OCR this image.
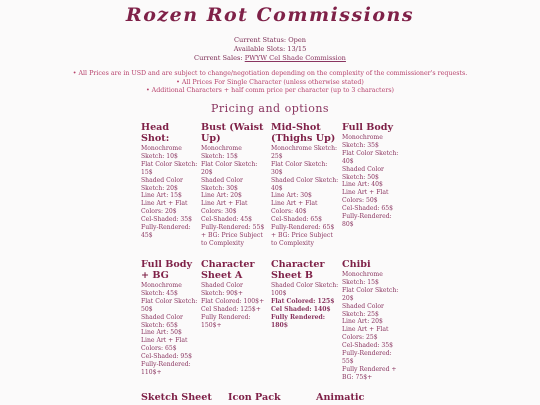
Rozen Rot Commissions
Current Status: Open
Available Slots: 13/15
Current Sales: PWYW Cel Shade Commission
• All Prices are in USD and are subject to change/negotiation depending on the complexity of the commissioner's requests.
• All Prices For Single Character (unless otherwise stated)
• Additional Characters + half comm price per character (up to 3 characters)
Pricing and options
Head Shot:
Monochrome
Sketch: 10$
Flat Color Sketch:
15$
Shaded Color
Sketch: 20$
Line Art: 15$
Line Art + Flat
Colors: 20$
Cel-Shaded: 35$
Fully-Rendered:
45$
Bust (Waist Up)
Monochrome
Sketch: 15$
Flat Color Sketch:
20$
Shaded Color
Sketch: 30$
Line Art: 20$
Line Art + Flat
Colors: 30$
Cel-Shaded: 45$
Fully-Rendered: 55$
+ BG: Price Subject
to Complexity
Mid-Shot (Thighs Up)
Monochrome Sketch:
25$
Flat Color Sketch:
30$
Shaded Color Sketch:
40$
Line Art: 30$
Line Art + Flat
Colors: 40$
Cel-Shaded: 65$
Fully-Rendered: 65$
+ BG: Price Subject
to Complexity
Full Body
Monochrome
Sketch: 35$
Flat Color Sketch:
40$
Shaded Color
Sketch: 50$
Line Art: 40$
Line Art + Flat
Colors: 50$
Cel-Shaded: 65$
Fully-Rendered:
80$
Full Body + BG
Monochrome
Sketch: 45$
Flat Color Sketch:
50$
Shaded Color
Sketch: 65$
Line Art: 50$
Line Art + Flat
Colors: 65$
Cel-Shaded: 95$
Fully-Rendered:
110$+
Character Sheet A
Shaded Color
Sketch: 90$+
Flat Colored: 100$+
Cel Shaded: 125$+
Fully Rendered:
150$+
Character Sheet B
Shaded Color Sketch:
100$
Flat Colored: 125$
Cel Shaded: 140$
Fully Rendered: 180$
Chibi
Monochrome
Sketch: 15$
Flat Color Sketch:
20$
Shaded Color
Sketch: 25$
Line Art: 20$
Line Art + Flat
Colors: 25$
Cel-Shaded: 35$
Fully-Rendered:
55$
Fully Rendered +
BG: 75$+
Sketch Sheet Icon Pack	Animatic
